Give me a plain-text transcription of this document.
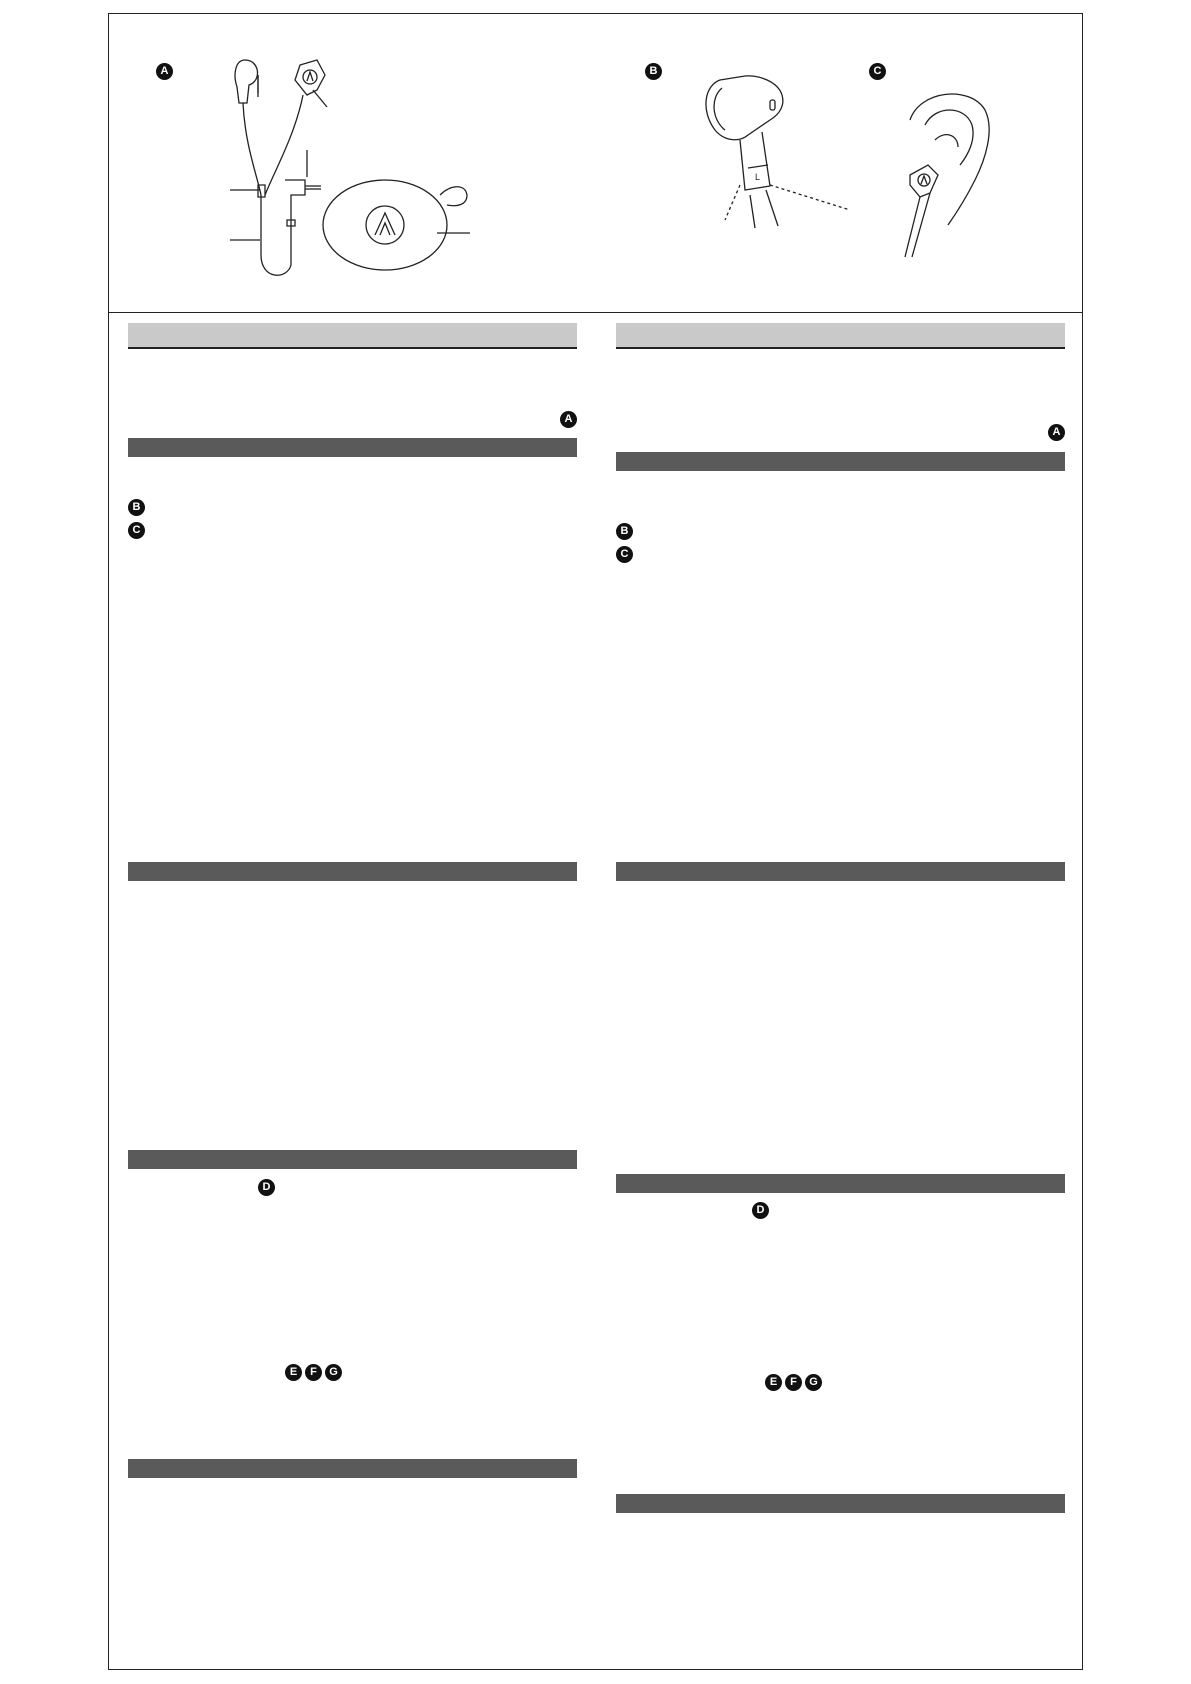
A	B
L
C
A
B
C
D
E	F	G
A
B
C
D
E	F	G
